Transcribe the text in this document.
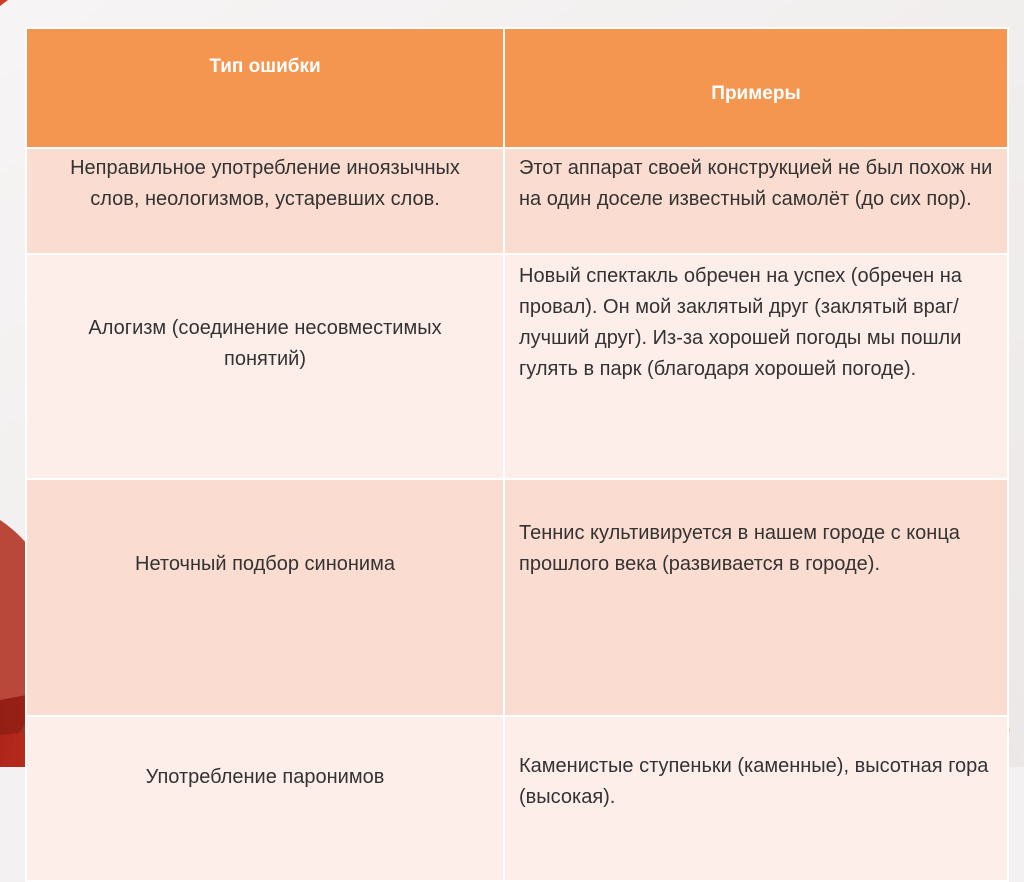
Тип ошибки	Примеры
Неправильное употребление иноязычных слов, неологизмов, устаревших слов.	Этот аппарат своей конструкцией не был похож ни на один доселе известный самолёт (до сих пор).
Алогизм (соединение несовместимых понятий)	Новый спектакль обречен на успех (обречен на провал). Он мой заклятый друг (заклятый враг/лучший друг). Из-за хорошей погоды мы пошли гулять в парк (благодаря хорошей погоде).
Неточный подбор синонима	Теннис культивируется в нашем городе с конца прошлого века (развивается в городе).
Употребление паронимов	Каменистые ступеньки (каменные), высотная гора (высокая).
